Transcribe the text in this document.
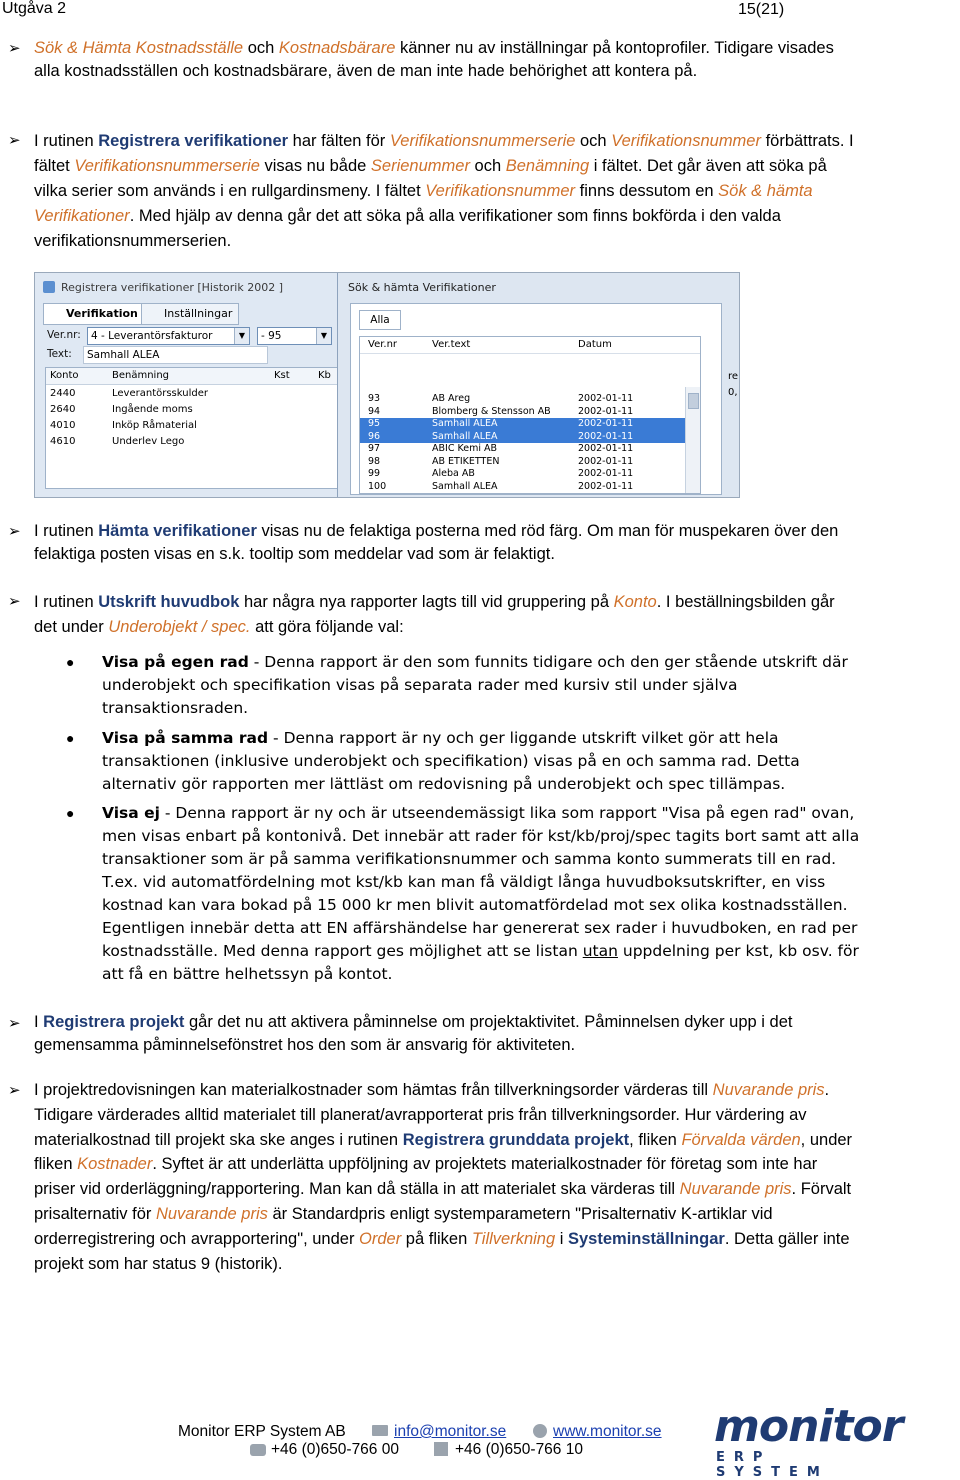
Utgåva 2	15(21)
➢ Sök & Hämta Kostnadsställe och Kostnadsbärare känner nu av inställningar på kontoprofiler. Tidigare visades alla kostnadsställen och kostnadsbärare, även de man inte hade behörighet att kontera på.
➢ I rutinen Registrera verifikationer har fälten för Verifikationsnummerserie och Verifikationsnummer förbättrats. I fältet Verifikationsnummerserie visas nu både Serienummer och Benämning i fältet. Det går även att söka på vilka serier som används i en rullgardinsmeny. I fältet Verifikationsnummer finns dessutom en Sök & hämta Verifikationer. Med hjälp av denna går det att söka på alla verifikationer som finns bokförda i den valda verifikationsnummerserien.
Registrera verifikationer [Historik 2002 ]
Verifikation	Inställningar
Ver.nr: 4 - Leverantörsfakturor	▼	- 95	▼
Text:	Samhall ALEA
Konto	Benämning	Kst	Kb
2440	Leverantörsskulder
2640	Ingående moms
4010	Inköp Råmaterial
4610	Underlev Lego
Sök & hämta Verifikationer
Alla
Ver.nr	Ver.text	Datum
93	AB Areg	2002-01-11
94	Blomberg & Stensson AB	2002-01-11
95	Samhall ALEA	2002-01-11
96	Samhall ALEA	2002-01-11
97	ABIC Kemi AB	2002-01-11
98	AB ETIKETTEN	2002-01-11
99	Aleba AB	2002-01-11
100	Samhall ALEA	2002-01-11
re
0,
➢ I rutinen Hämta verifikationer visas nu de felaktiga posterna med röd färg. Om man för muspekaren över den felaktiga posten visas en s.k. tooltip som meddelar vad som är felaktigt.
➢ I rutinen Utskrift huvudbok har några nya rapporter lagts till vid gruppering på Konto. I beställningsbilden går det under Underobjekt / spec. att göra följande val:
● Visa på egen rad - Denna rapport är den som funnits tidigare och den ger stående utskrift där underobjekt och specifikation visas på separata rader med kursiv stil under själva transaktionsraden.
● Visa på samma rad - Denna rapport är ny och ger liggande utskrift vilket gör att hela transaktionen (inklusive underobjekt och specifikation) visas på en och samma rad. Detta alternativ gör rapporten mer lättläst om redovisning på underobjekt och spec tillämpas.
● Visa ej - Denna rapport är ny och är utseendemässigt lika som rapport "Visa på egen rad" ovan, men visas enbart på kontonivå. Det innebär att rader för kst/kb/proj/spec tagits bort samt att alla transaktioner som är på samma verifikationsnummer och samma konto summerats till en rad. T.ex. vid automatfördelning mot kst/kb kan man få väldigt långa huvudboksutskrifter, en viss kostnad kan vara bokad på 15 000 kr men blivit automatfördelad mot sex olika kostnadsställen. Egentligen innebär detta att EN affärshändelse har genererat sex rader i huvudboken, en rad per kostnadsställe. Med denna rapport ges möjlighet att se listan utan uppdelning per kst, kb osv. för att få en bättre helhetssyn på kontot.
➢ I Registrera projekt går det nu att aktivera påminnelse om projektaktivitet. Påminnelsen dyker upp i det gemensamma påminnelsefönstret hos den som är ansvarig för aktiviteten.
➢ I projektredovisningen kan materialkostnader som hämtas från tillverkningsorder värderas till Nuvarande pris. Tidigare värderades alltid materialet till planerat/avrapporterat pris från tillverkningsorder. Hur värdering av materialkostnad till projekt ska ske anges i rutinen Registrera grunddata projekt, fliken Förvalda värden, under fliken Kostnader. Syftet är att underlätta uppföljning av projektets materialkostnader för företag som inte har priser vid orderläggning/rapportering. Man kan då ställa in att materialet ska värderas till Nuvarande pris. Förvalt prisalternativ för Nuvarande pris är Standardpris enligt systemparametern "Prisalternativ K-artiklar vid orderregistrering och avrapportering", under Order på fliken Tillverkning i Systeminställningar. Detta gäller inte projekt som har status 9 (historik).
Monitor ERP System AB	info@monitor.se	www.monitor.se
+46 (0)650-766 00	+46 (0)650-766 10	monitor
ERP SYSTEM
